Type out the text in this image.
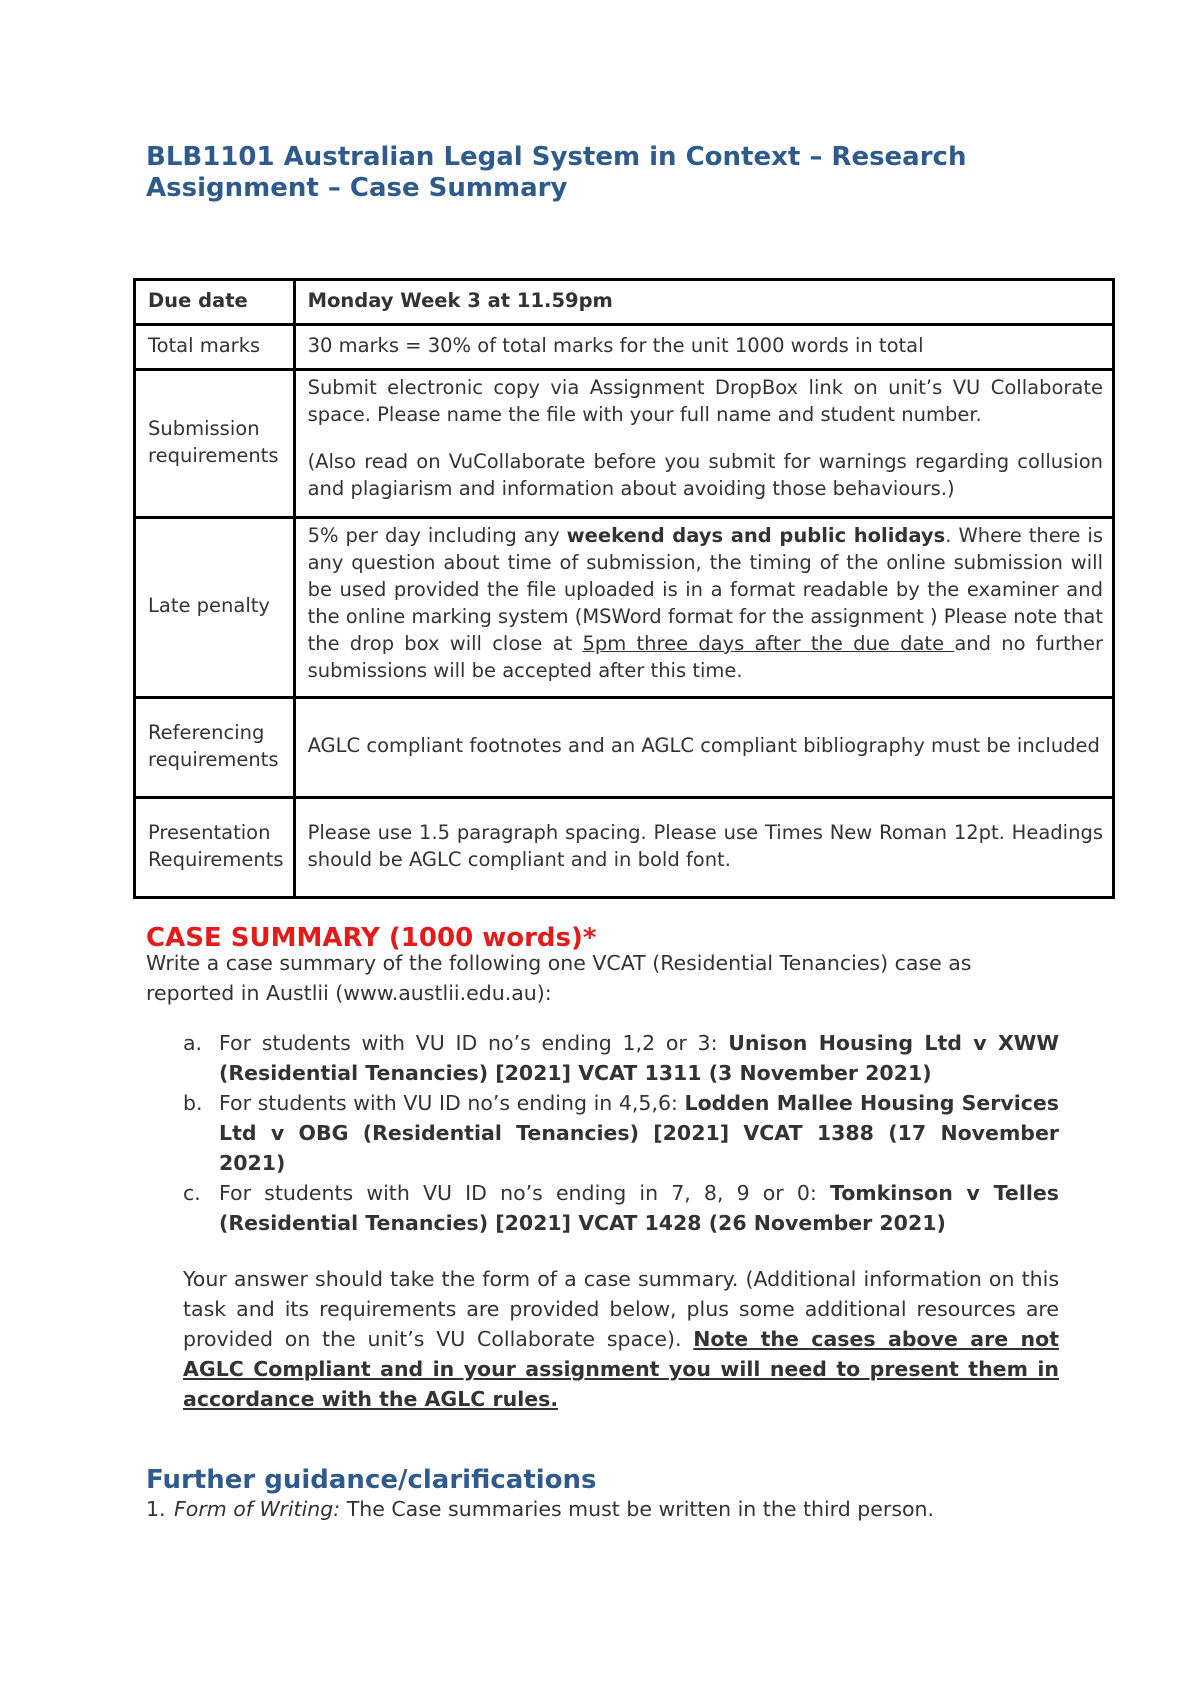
BLB1101 Australian Legal System in Context – Research Assignment – Case Summary
Due date	Monday Week 3 at 11.59pm
Total marks	30 marks = 30% of total marks for the unit 1000 words in total
Submission requirements	Submit electronic copy via Assignment DropBox link on unit’s VU Collaborate space. Please name the file with your full name and student number.

(Also read on VuCollaborate before you submit for warnings regarding collusion and plagiarism and information about avoiding those behaviours.)

Late penalty	5% per day including any weekend days and public holidays. Where there is any question about time of submission, the timing of the online submission will be used provided the file uploaded is in a format readable by the examiner and the online marking system (MSWord format for the assignment ) Please note that the drop box will close at 5pm three days after the due date and no further submissions will be accepted after this time.
Referencing requirements	AGLC compliant footnotes and an AGLC compliant bibliography must be included
Presentation Requirements	Please use 1.5 paragraph spacing. Please use Times New Roman 12pt. Headings should be AGLC compliant and in bold font.
CASE SUMMARY (1000 words)*

Write a case summary of the following one VCAT (Residential Tenancies) case as reported in Austlii (www.austlii.edu.au):

a. For students with VU ID no’s ending 1,2 or 3: Unison Housing Ltd v XWW (Residential Tenancies) [2021] VCAT 1311 (3 November 2021)
b. For students with VU ID no’s ending in 4,5,6: Lodden Mallee Housing Services Ltd v OBG (Residential Tenancies) [2021] VCAT 1388 (17 November 2021)
c. For students with VU ID no’s ending in 7, 8, 9 or 0: Tomkinson v Telles (Residential Tenancies) [2021] VCAT 1428 (26 November 2021)

Your answer should take the form of a case summary. (Additional information on this task and its requirements are provided below, plus some additional resources are provided on the unit’s VU Collaborate space). Note the cases above are not AGLC Compliant and in your assignment you will need to present them in accordance with the AGLC rules.

Further guidance/clarifications
1. Form of Writing: The Case summaries must be written in the third person.
